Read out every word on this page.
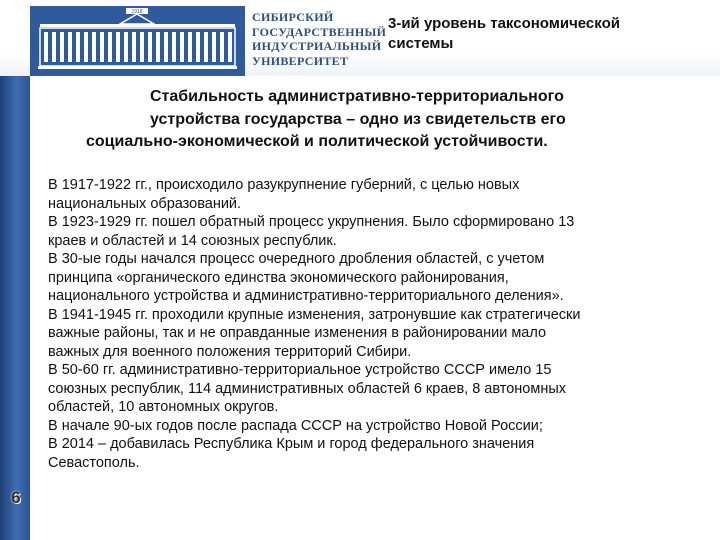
1918	СИБИРСКИЙ
ГОСУДАРСТВЕННЫЙ
ИНДУСТРИАЛЬНЫЙ
УНИВЕРСИТЕТ
3-ий уровень таксономической
системы
6
Стабильность административно-территориального
устройства государства – одно из свидетельств его
социально-экономической и политической устойчивости.
В 1917-1922 гг., происходило разукрупнение губерний, с целью новых
национальных образований.
В 1923-1929 гг. пошел обратный процесс укрупнения. Было сформировано 13
краев и областей и 14 союзных республик.
В 30-ые годы начался процесс очередного дробления областей, с учетом
принципа «органического единства экономического районирования,
национального устройства и административно-территориального деления».
В 1941-1945 гг. проходили крупные изменения, затронувшие как стратегически
важные районы, так и не оправданные изменения в районировании мало
важных для военного положения территорий Сибири.
В 50-60 гг. административно-территориальное устройство СССР имело 15
союзных республик, 114 административных областей 6 краев, 8 автономных
областей, 10 автономных округов.
В начале 90-ых годов после распада СССР на устройство Новой России;
В 2014 – добавилась Республика Крым и город федерального значения
Севастополь.
